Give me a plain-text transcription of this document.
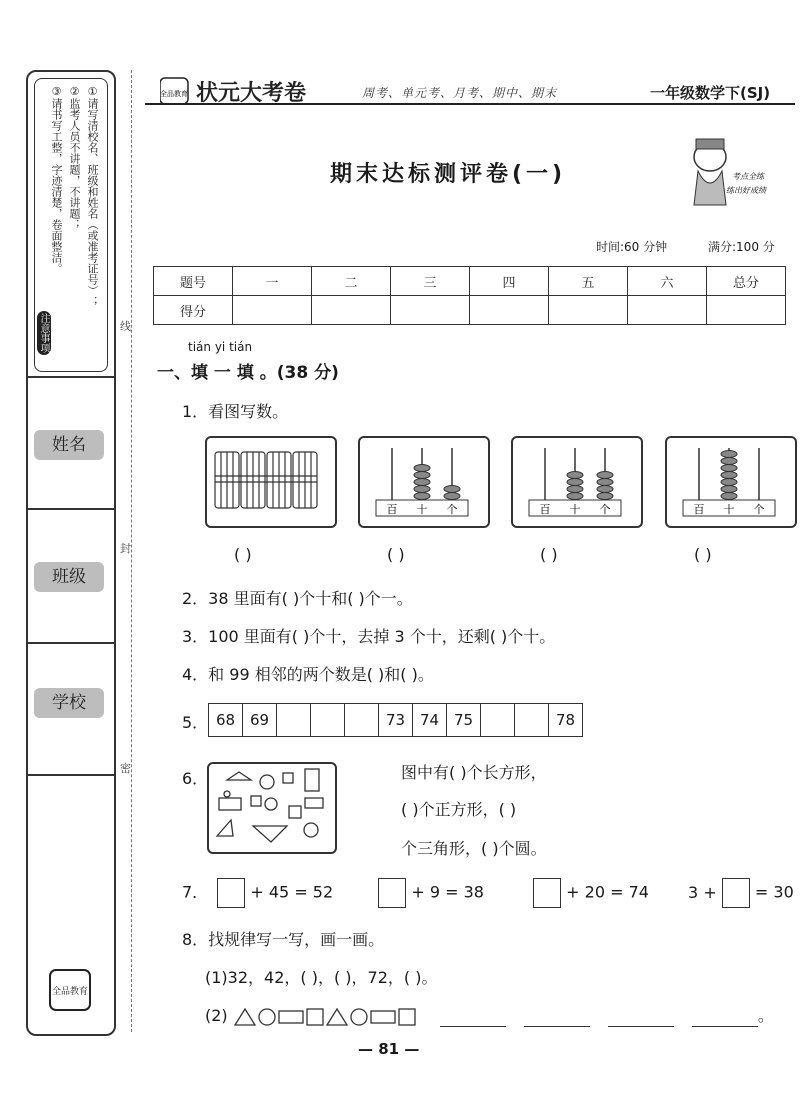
①请写清校名、班级和姓名（或准考证号）；
②监考人员不讲题，不讲题；
③请书写工整，字迹清楚，卷面整洁。
注意事项
姓名
班级
学校
全品教育
线
封
密
全品教育 状元大考卷	周考、单元考、月考、期中、期末	一年级数学下(SJ)
期末达标测评卷(一)	考点全练
练出好成绩
时间:60 分钟	满分:100 分
题号	一	二	三	四	五	六	总分
得分							
tián yi tián
一、填 一 填 。(38 分)
1．看图写数。
百 十 个	百 十 个	百 十 个
( )	( )	( )	( )
2．38 里面有( )个十和( )个一。
3．100 里面有( )个十，去掉 3 个十，还剩( )个十。
4．和 99 相邻的两个数是( )和( )。
5． 68	69				73	74	75			78
6．	图中有( )个长方形，
( )个正方形，( )
个三角形，( )个圆。
7．	+ 45 = 52	+ 9 = 38	+ 20 = 74 3 + = 30
8．找规律写一写，画一画。
(1)32，42，( )，( )，72，( )。
(2)	。
— 81 —
